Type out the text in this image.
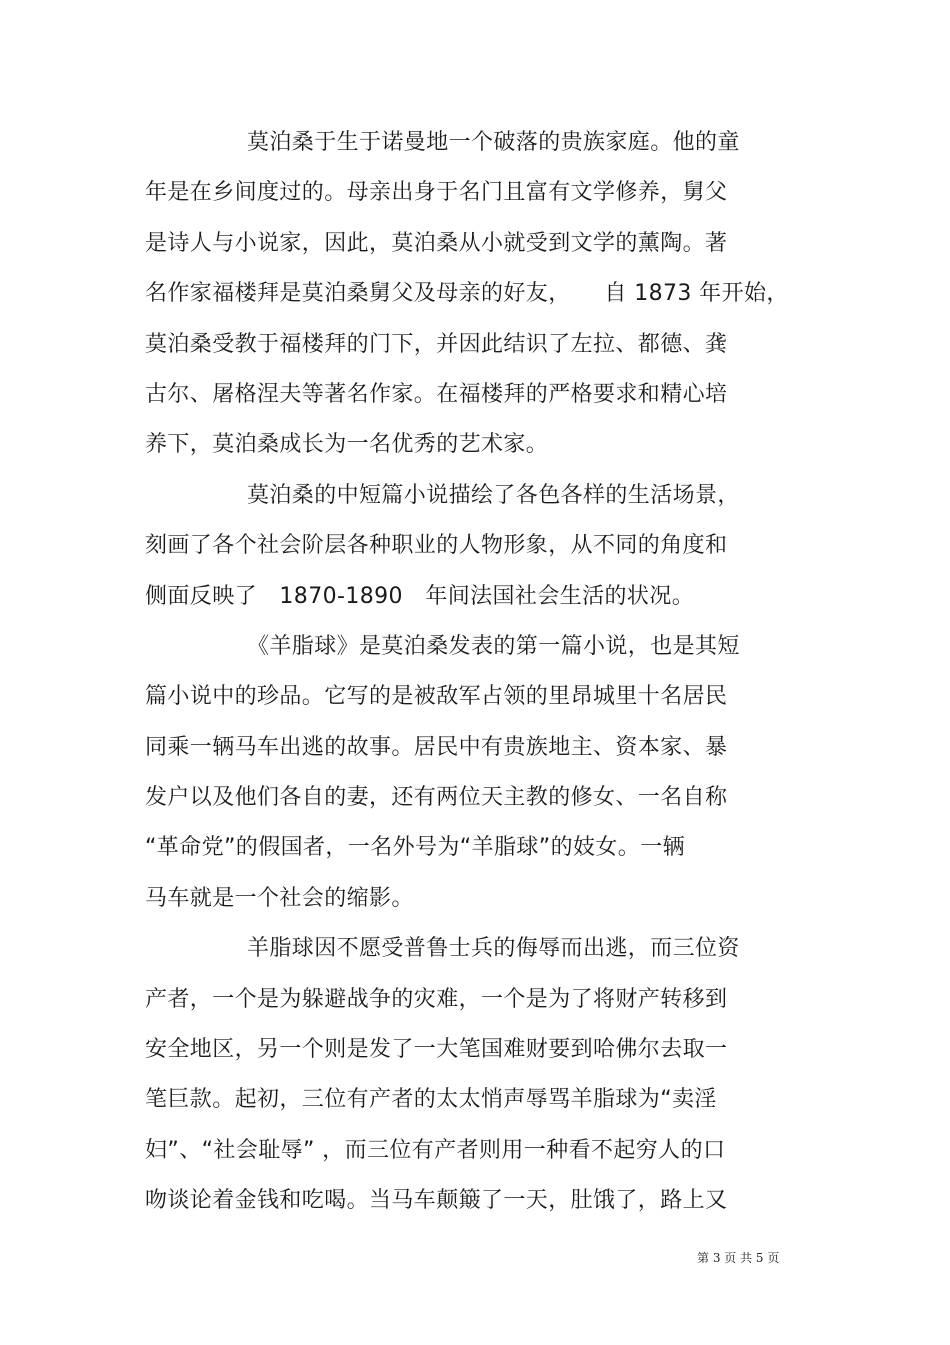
莫泊桑于生于诺曼地一个破落的贵族家庭。他的童
年是在乡间度过的。母亲出身于名门且富有文学修养，舅父
是诗人与小说家，因此，莫泊桑从小就受到文学的薰陶。著
名作家福楼拜是莫泊桑舅父及母亲的好友，　　自 1873 年开始，
莫泊桑受教于福楼拜的门下，并因此结识了左拉、都德、龚
古尔、屠格涅夫等著名作家。在福楼拜的严格要求和精心培
养下，莫泊桑成长为一名优秀的艺术家。
莫泊桑的中短篇小说描绘了各色各样的生活场景，
刻画了各个社会阶层各种职业的人物形象，从不同的角度和
侧面反映了　1870-1890　年间法国社会生活的状况。
《羊脂球》是莫泊桑发表的第一篇小说，也是其短
篇小说中的珍品。它写的是被敌军占领的里昂城里十名居民
同乘一辆马车出逃的故事。居民中有贵族地主、资本家、暴
发户以及他们各自的妻，还有两位天主教的修女、一名自称
“革命党”的假国者，一名外号为“羊脂球”的妓女。一辆
马车就是一个社会的缩影。
羊脂球因不愿受普鲁士兵的侮辱而出逃，而三位资
产者，一个是为躲避战争的灾难，一个是为了将财产转移到
安全地区，另一个则是发了一大笔国难财要到哈佛尔去取一
笔巨款。起初，三位有产者的太太悄声辱骂羊脂球为“卖淫
妇”、“社会耻辱” ，而三位有产者则用一种看不起穷人的口
吻谈论着金钱和吃喝。当马车颠簸了一天，肚饿了，路上又
第 3 页 共 5 页
